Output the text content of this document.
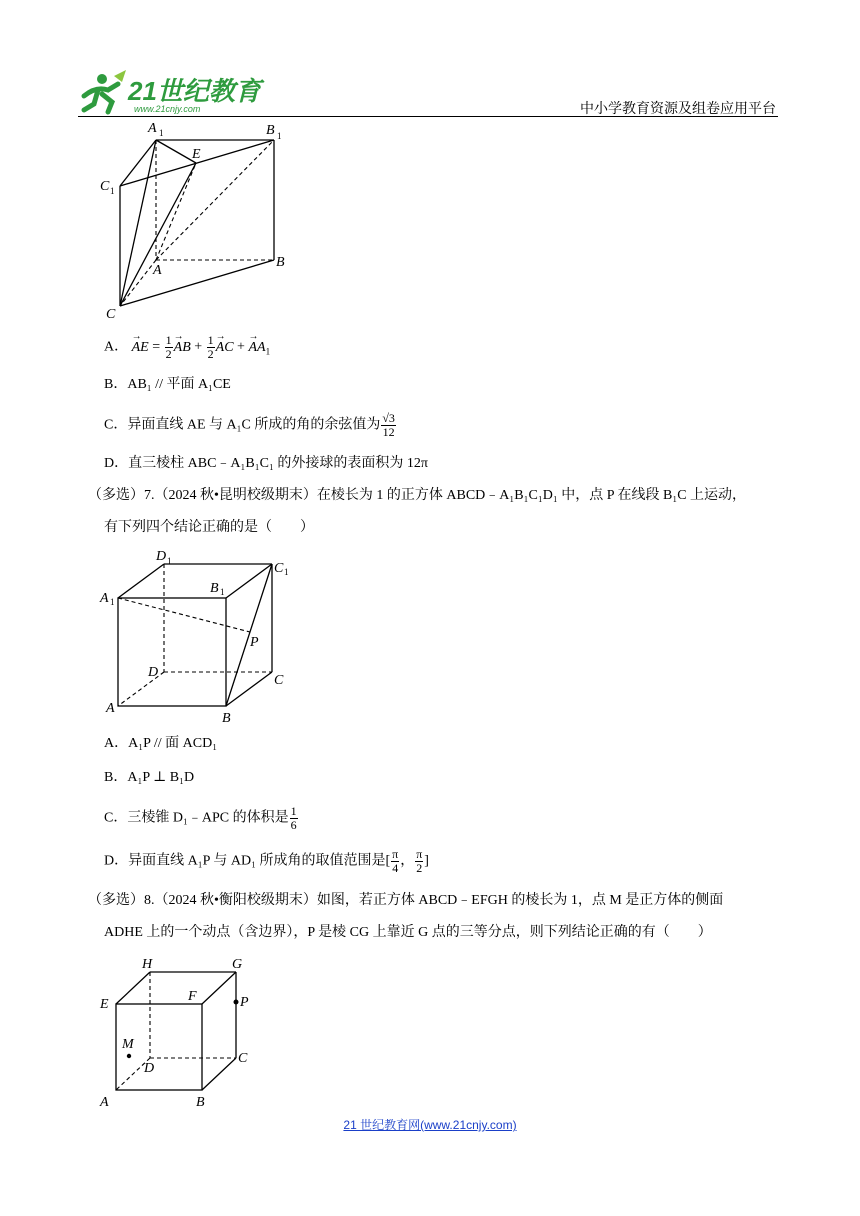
21世纪教育
www.21cnjy.com	中小学教育资源及组卷应用平台
A 1	B 1
C 1
E
A
B
C
A． → AE = $\frac{1}{2}$ → AB + $\frac{1}{2}$ → AC + → $AA_1$
B．AB₁ // 平面 A₁CE
C．异面直线 AE 与 A₁C 所成的角的余弦值为 $\frac{√3}{12}$
D．直三棱柱 ABC﹣A₁B₁C₁ 的外接球的表面积为 12π
（多选）7.（2024 秋•昆明校级期末）在棱长为 1 的正方体 ABCD﹣A₁B₁C₁D₁ 中，点 P 在线段 B₁C 上运动，
有下列四个结论正确的是（　　）
D 1	C 1
A 1
B 1
P
D
C
A
B
A．A₁P // 面 ACD₁
B．A₁P ⊥ B₁D
C．三棱锥 D₁﹣APC 的体积是 $\frac{1}{6}$
D．异面直线 A₁P 与 AD₁ 所成角的取值范围是[ $\frac{\pi}{4}$ ， $\frac{\pi}{2}$ ]
（多选）8.（2024 秋•衡阳校级期末）如图，若正方体 ABCD﹣EFGH 的棱长为 1，点 M 是正方体的侧面
ADHE 上的一个动点（含边界），P 是棱 CG 上靠近 G 点的三等分点，则下列结论正确的有（　　）
H	G
E
F	P
M
D
C
A	B
21 世纪教育网(www.21cnjy.com)
